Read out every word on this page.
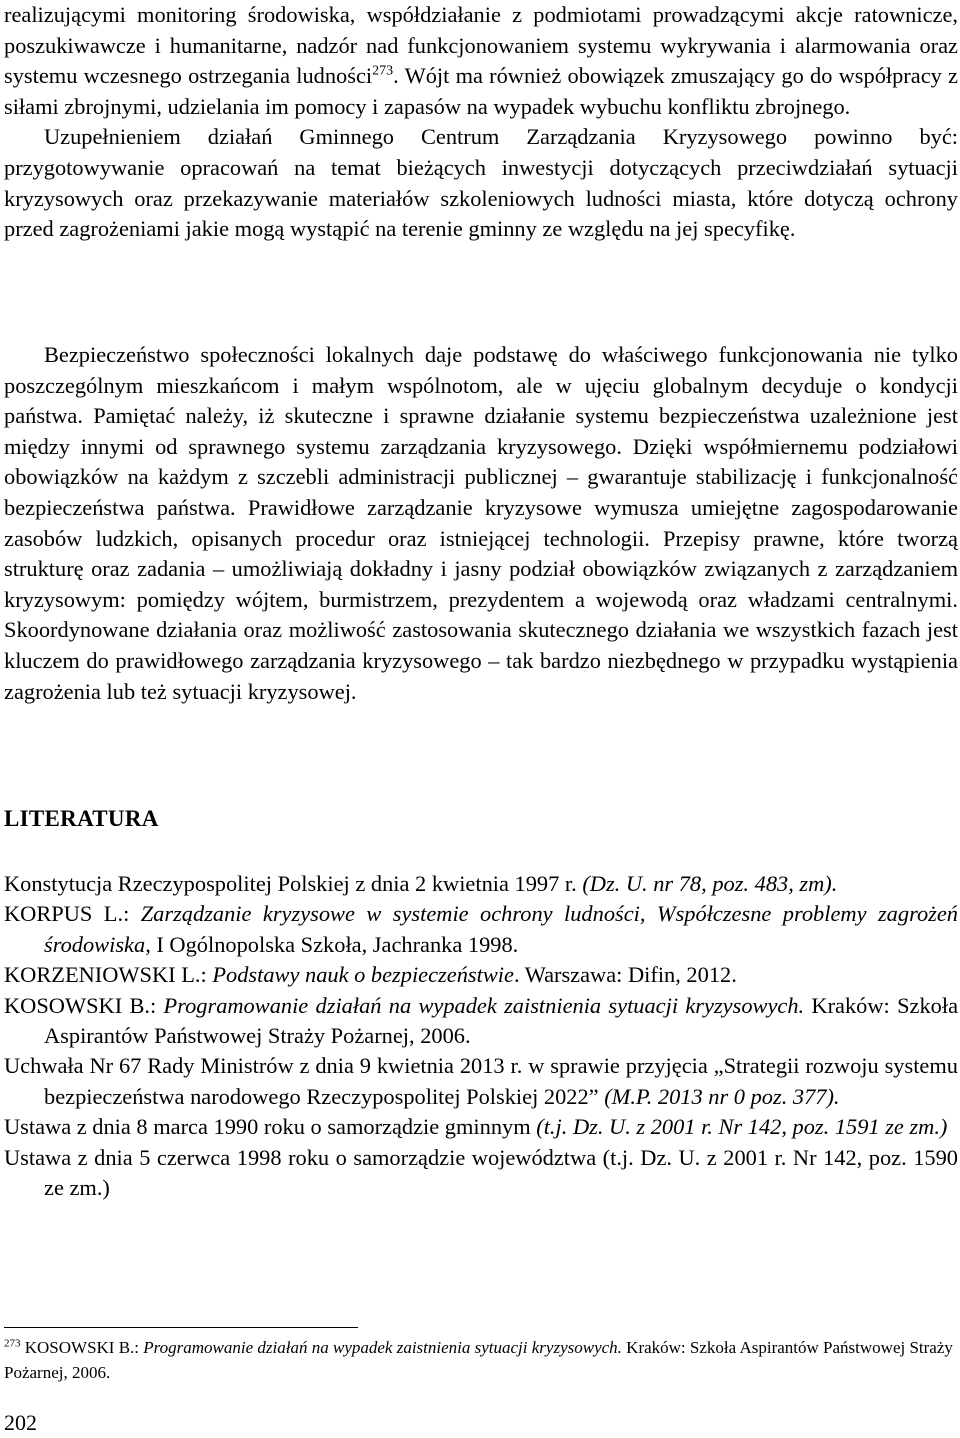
realizującymi monitoring środowiska, współdziałanie z podmiotami prowadzącymi akcje ratownicze, poszukiwawcze i humanitarne, nadzór nad funkcjonowaniem systemu wykrywania i alarmowania oraz systemu wczesnego ostrzegania ludności$^{273}$. Wójt ma również obowiązek zmuszający go do współpracy z siłami zbrojnymi, udzielania im pomocy i zapasów na wypadek wybuchu konfliktu zbrojnego.
Uzupełnieniem działań Gminnego Centrum Zarządzania Kryzysowego powinno być: przygotowywanie opracowań na temat bieżących inwestycji dotyczących przeciwdziałań sytuacji kryzysowych oraz przekazywanie materiałów szkoleniowych ludności miasta, które dotyczą ochrony przed zagrożeniami jakie mogą wystąpić na terenie gminny ze względu na jej specyfikę.

Bezpieczeństwo społeczności lokalnych daje podstawę do właściwego funkcjonowania nie tylko poszczególnym mieszkańcom i małym wspólnotom, ale w ujęciu globalnym decyduje o kondycji państwa. Pamiętać należy, iż skuteczne i sprawne działanie systemu bezpieczeństwa uzależnione jest między innymi od sprawnego systemu zarządzania kryzysowego. Dzięki współmiernemu podziałowi obowiązków na każdym z szczebli administracji publicznej – gwarantuje stabilizację i funkcjonalność bezpieczeństwa państwa. Prawidłowe zarządzanie kryzysowe wymusza umiejętne zagospodarowanie zasobów ludzkich, opisanych procedur oraz istniejącej technologii. Przepisy prawne, które tworzą strukturę oraz zadania – umożliwiają dokładny i jasny podział obowiązków związanych z zarządzaniem kryzysowym: pomiędzy wójtem, burmistrzem, prezydentem a wojewodą oraz władzami centralnymi. Skoordynowane działania oraz możliwość zastosowania skutecznego działania we wszystkich fazach jest kluczem do prawidłowego zarządzania kryzysowego – tak bardzo niezbędnego w przypadku wystąpienia zagrożenia lub też sytuacji kryzysowej.

LITERATURA
Konstytucja Rzeczypospolitej Polskiej z dnia 2 kwietnia 1997 r. (Dz. U. nr 78, poz. 483, zm).
KORPUS L.: Zarządzanie kryzysowe w systemie ochrony ludności, Współczesne problemy zagrożeń środowiska, I Ogólnopolska Szkoła, Jachranka 1998.
KORZENIOWSKI L.: Podstawy nauk o bezpieczeństwie. Warszawa: Difin, 2012.
KOSOWSKI B.: Programowanie działań na wypadek zaistnienia sytuacji kryzysowych. Kraków: Szkoła Aspirantów Państwowej Straży Pożarnej, 2006.
Uchwała Nr 67 Rady Ministrów z dnia 9 kwietnia 2013 r. w sprawie przyjęcia „Strategii rozwoju systemu bezpieczeństwa narodowego Rzeczypospolitej Polskiej 2022” (M.P. 2013 nr 0 poz. 377).
Ustawa z dnia 8 marca 1990 roku o samorządzie gminnym (t.j. Dz. U. z 2001 r. Nr 142, poz. 1591 ze zm.)
Ustawa z dnia 5 czerwca 1998 roku o samorządzie województwa (t.j. Dz. U. z 2001 r. Nr 142, poz. 1590 ze zm.)

$^{273}$ KOSOWSKI B.: Programowanie działań na wypadek zaistnienia sytuacji kryzysowych. Kraków: Szkoła Aspirantów Państwowej Straży Pożarnej, 2006.

202
